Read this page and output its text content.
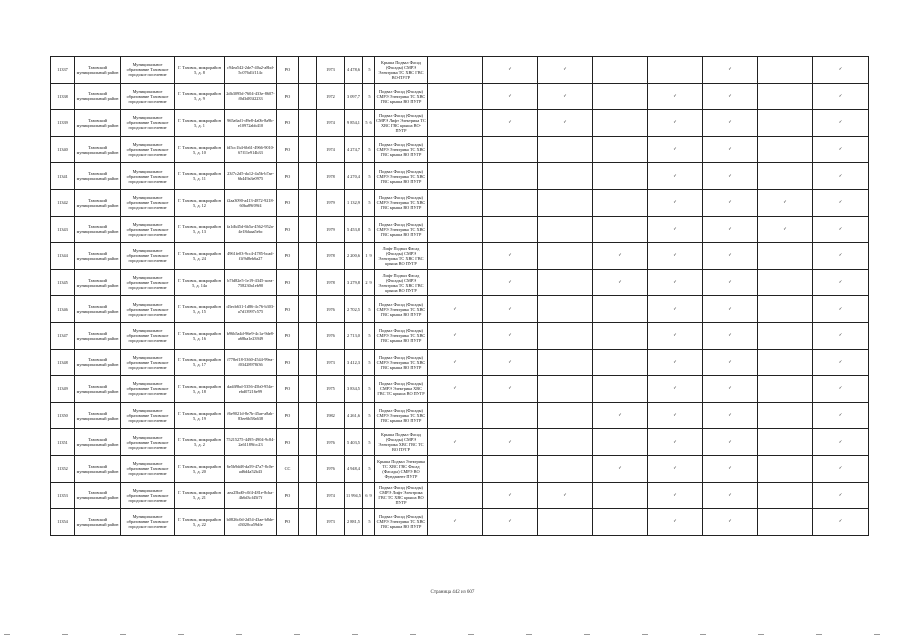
11337	Тазовский муниципальный район	Муниципальное образование Тазовское городское поселение	Г. Тазовск, микрорайон 5, д. 8	c94ea542-2de7-40a2-a8bd-5c076d1f114c	РО		1973	4 478,6	5	Крыша Подвал Фасад (Фасады) СМРЭ Электрика ТС ХВС ГВС ВО-ПУГР		✓	✓			✓		✓
11338	Тазовский муниципальный район	Муниципальное образование Тазовское городское поселение	Г. Тазовск, микрорайон 5, д. 9	2db3095d-7604-433e-8607-f0d3d83f2233	РО		1972	3 097,7	5	Подвал Фасад (Фасады) СМРЭ Электрика ТС ХВС ГВС крыша ВО ПУГР		✓	✓		✓	✓		✓
11339	Тазовский муниципальный район	Муниципальное образование Тазовское городское поселение	Г. Тазовск, микрорайон 5, д. 1	965a6af1-d9e8-4a0b-8a9b-e10972abb410	РО		1974	9 854,1	5 6	Подвал Фасад (Фасады) СМРЭ Лифт Электрика ТС ХВС ГВС крыша ВО-ПУГР		✓	✓		✓	✓		✓
11340	Тазовский муниципальный район	Муниципальное образование Тазовское городское поселение	Г. Тазовск, микрорайон 5, д. 10	fd5cc1b4-6b61-4966-9010-67f11e914b33	РО		1974	4 274,7	5	Подвал Фасад (Фасады) СМРЭ Электрика ТС ХВС ГВС крыша ВО ПУГР					✓	✓		✓
11341	Тазовский муниципальный район	Муниципальное образование Тазовское городское поселение	Г. Тазовск, микрорайон 5, д. 11	23f7c2d5-da12-4a5b-b7ae-6b449a3e0975	РО		1978	4 270,4	5	Подвал Фасад (Фасады) СМРЭ Электрика ТС ХВС ГВС крыша ВО ПУГР					✓	✓		✓
11342	Тазовский муниципальный район	Муниципальное образование Тазовское городское поселение	Г. Тазовск, микрорайон 5, д. 12	f2aa3090-a413-4872-9218-60ba89f09f4	РО		1979	1 132,9	5	Подвал Фасад (Фасады) СМРЭ Электрика ТС ХВС ГВС крыша ВО ПУГР					✓	✓	✓	✓
11343	Тазовский муниципальный район	Муниципальное образование Тазовское городское поселение	Г. Тазовск, микрорайон 5, д. 13	fa1db45d-6b5a-4562-952a-4e18daaa5ebc	РО		1979	5 453,8	5	Подвал Фасад (Фасады) СМРЭ Электрика ТС ХВС ГВС крыша ВО ПУГР					✓	✓	✓	✓
11344	Тазовский муниципальный район	Муниципальное образование Тазовское городское поселение	Г. Тазовск, микрорайон 5, д. 24	4961fe03-9cc4-4785-bcad-f1f9d8eb6a27	РО		1978	2 200,6	1 9	Лифт Подвал Фасад (Фасады) СМРЭ Электрика ТС ХВС ГВС крыша ВО ПУГР		✓		✓	✓	✓		✓
11345	Тазовский муниципальный район	Муниципальное образование Тазовское городское поселение	Г. Тазовск, микрорайон 5, д. 14а	b7fd82e5-1e19-4345-acea-758230a1eb90	РО		1978	3 279,8	2 9	Лифт Подвал Фасад (Фасады) СМРЭ Электрика ТС ХВС ГВС крыша ВО ПУГР		✓		✓	✓	✓		✓
11346	Тазовский муниципальный район	Муниципальное образование Тазовское городское поселение	Г. Тазовск, микрорайон 5, д. 15	d3ecb631-1d86-4c76-b303-a7d13997c575	РО		1976	2 702,5	5	Подвал Фасад (Фасады) СМРЭ Электрика ТС ХВС ГВС крыша ВО ПУГР	✓	✓			✓	✓		✓
11347	Тазовский муниципальный район	Муниципальное образование Тазовское городское поселение	Г. Тазовск, микрорайон 5, д. 16	b96b5a4d-96e9-4c1a-9de8-a68ba1e23949	РО		1976	2 713,0	5	Подвал Фасад (Фасады) СМРЭ Электрика ТС ХВС ГВС крыша ВО ПУГР	✓	✓			✓	✓		✓
11348	Тазовский муниципальный район	Муниципальное образование Тазовское городское поселение	Г. Тазовск, микрорайон 5, д. 17	f778ef18-5360-4544-99ea-f03428978f36	РО		1973	3 412,3	5	Подвал Фасад (Фасады) СМРЭ Электрика ТС ХВС ГВС крыша ВО ПУГР	✓	✓			✓	✓		✓
11349	Тазовский муниципальный район	Муниципальное образование Тазовское городское поселение	Г. Тазовск, микрорайон 5, д. 18	dadff9bd-5356-45b0-954e-ebd07216e99	РО		1975	3 834,5	5	Подвал Фасад (Фасады) СМРЭ Электрика ХВС ГВС ТС крыша ВО ПУГР	✓	✓			✓	✓		✓
11350	Тазовский муниципальный район	Муниципальное образование Тазовское городское поселение	Г. Тазовск, микрорайон 5, д. 19	f6e9021d-8e7b-45ae-a8ab-83ee6b58a638	РО		1982	4 261,6	5	Подвал Фасад (Фасады) СМРЭ Электрика ТС ХВС ГВС крыша ВО ПУГР				✓	✓	✓		✓
11351	Тазовский муниципальный район	Муниципальное образование Тазовское городское поселение	Г. Тазовск, микрорайон 5, д. 2	75215275-4495-4904-9c84-2a61189fcc23	РО		1976	5 403,5	5	Крыша Подвал Фасад (Фасады) СМРЭ Электрика ХВС ГВС ТС ВО ПУГР	✓	✓			✓	✓		✓
11352	Тазовский муниципальный район	Муниципальное образование Тазовское городское поселение	Г. Тазовск, микрорайон 5, д. 20	6e5b9dd8-da59-47a7-8c0e-ad6d4a52b43	СС		1976	4 948,4	5	Крыша Подвал Электрика ТС ХВС ГВС Фасад (Фасады) СМРЭ ВО Фундамент ПУГР				✓	✓	✓		✓
11353	Тазовский муниципальный район	Муниципальное образование Тазовское городское поселение	Г. Тазовск, микрорайон 5, д. 21	aea25bd0-c0f4-481e-8cba-4b6d3cf45f7f	РО		1974	11 994,5	6 9	Подвал Фасад (Фасады) СМРЭ Лифт Электрика ГВС ТС ХВС крыша ВО ПУГР		✓	✓		✓	✓		✓
11354	Тазовский муниципальный район	Муниципальное образование Тазовское городское поселение	Г. Тазовск, микрорайон 5, д. 22	b0826c0d-2d54-43ae-b8de-d3020ca59dfe	РО		1973	2 881,5	5	Подвал Фасад (Фасады) СМРЭ Электрика ТС ХВС ГВС крыша ВО ПУГР	✓	✓			✓	✓		✓
Страница 442 из 607
